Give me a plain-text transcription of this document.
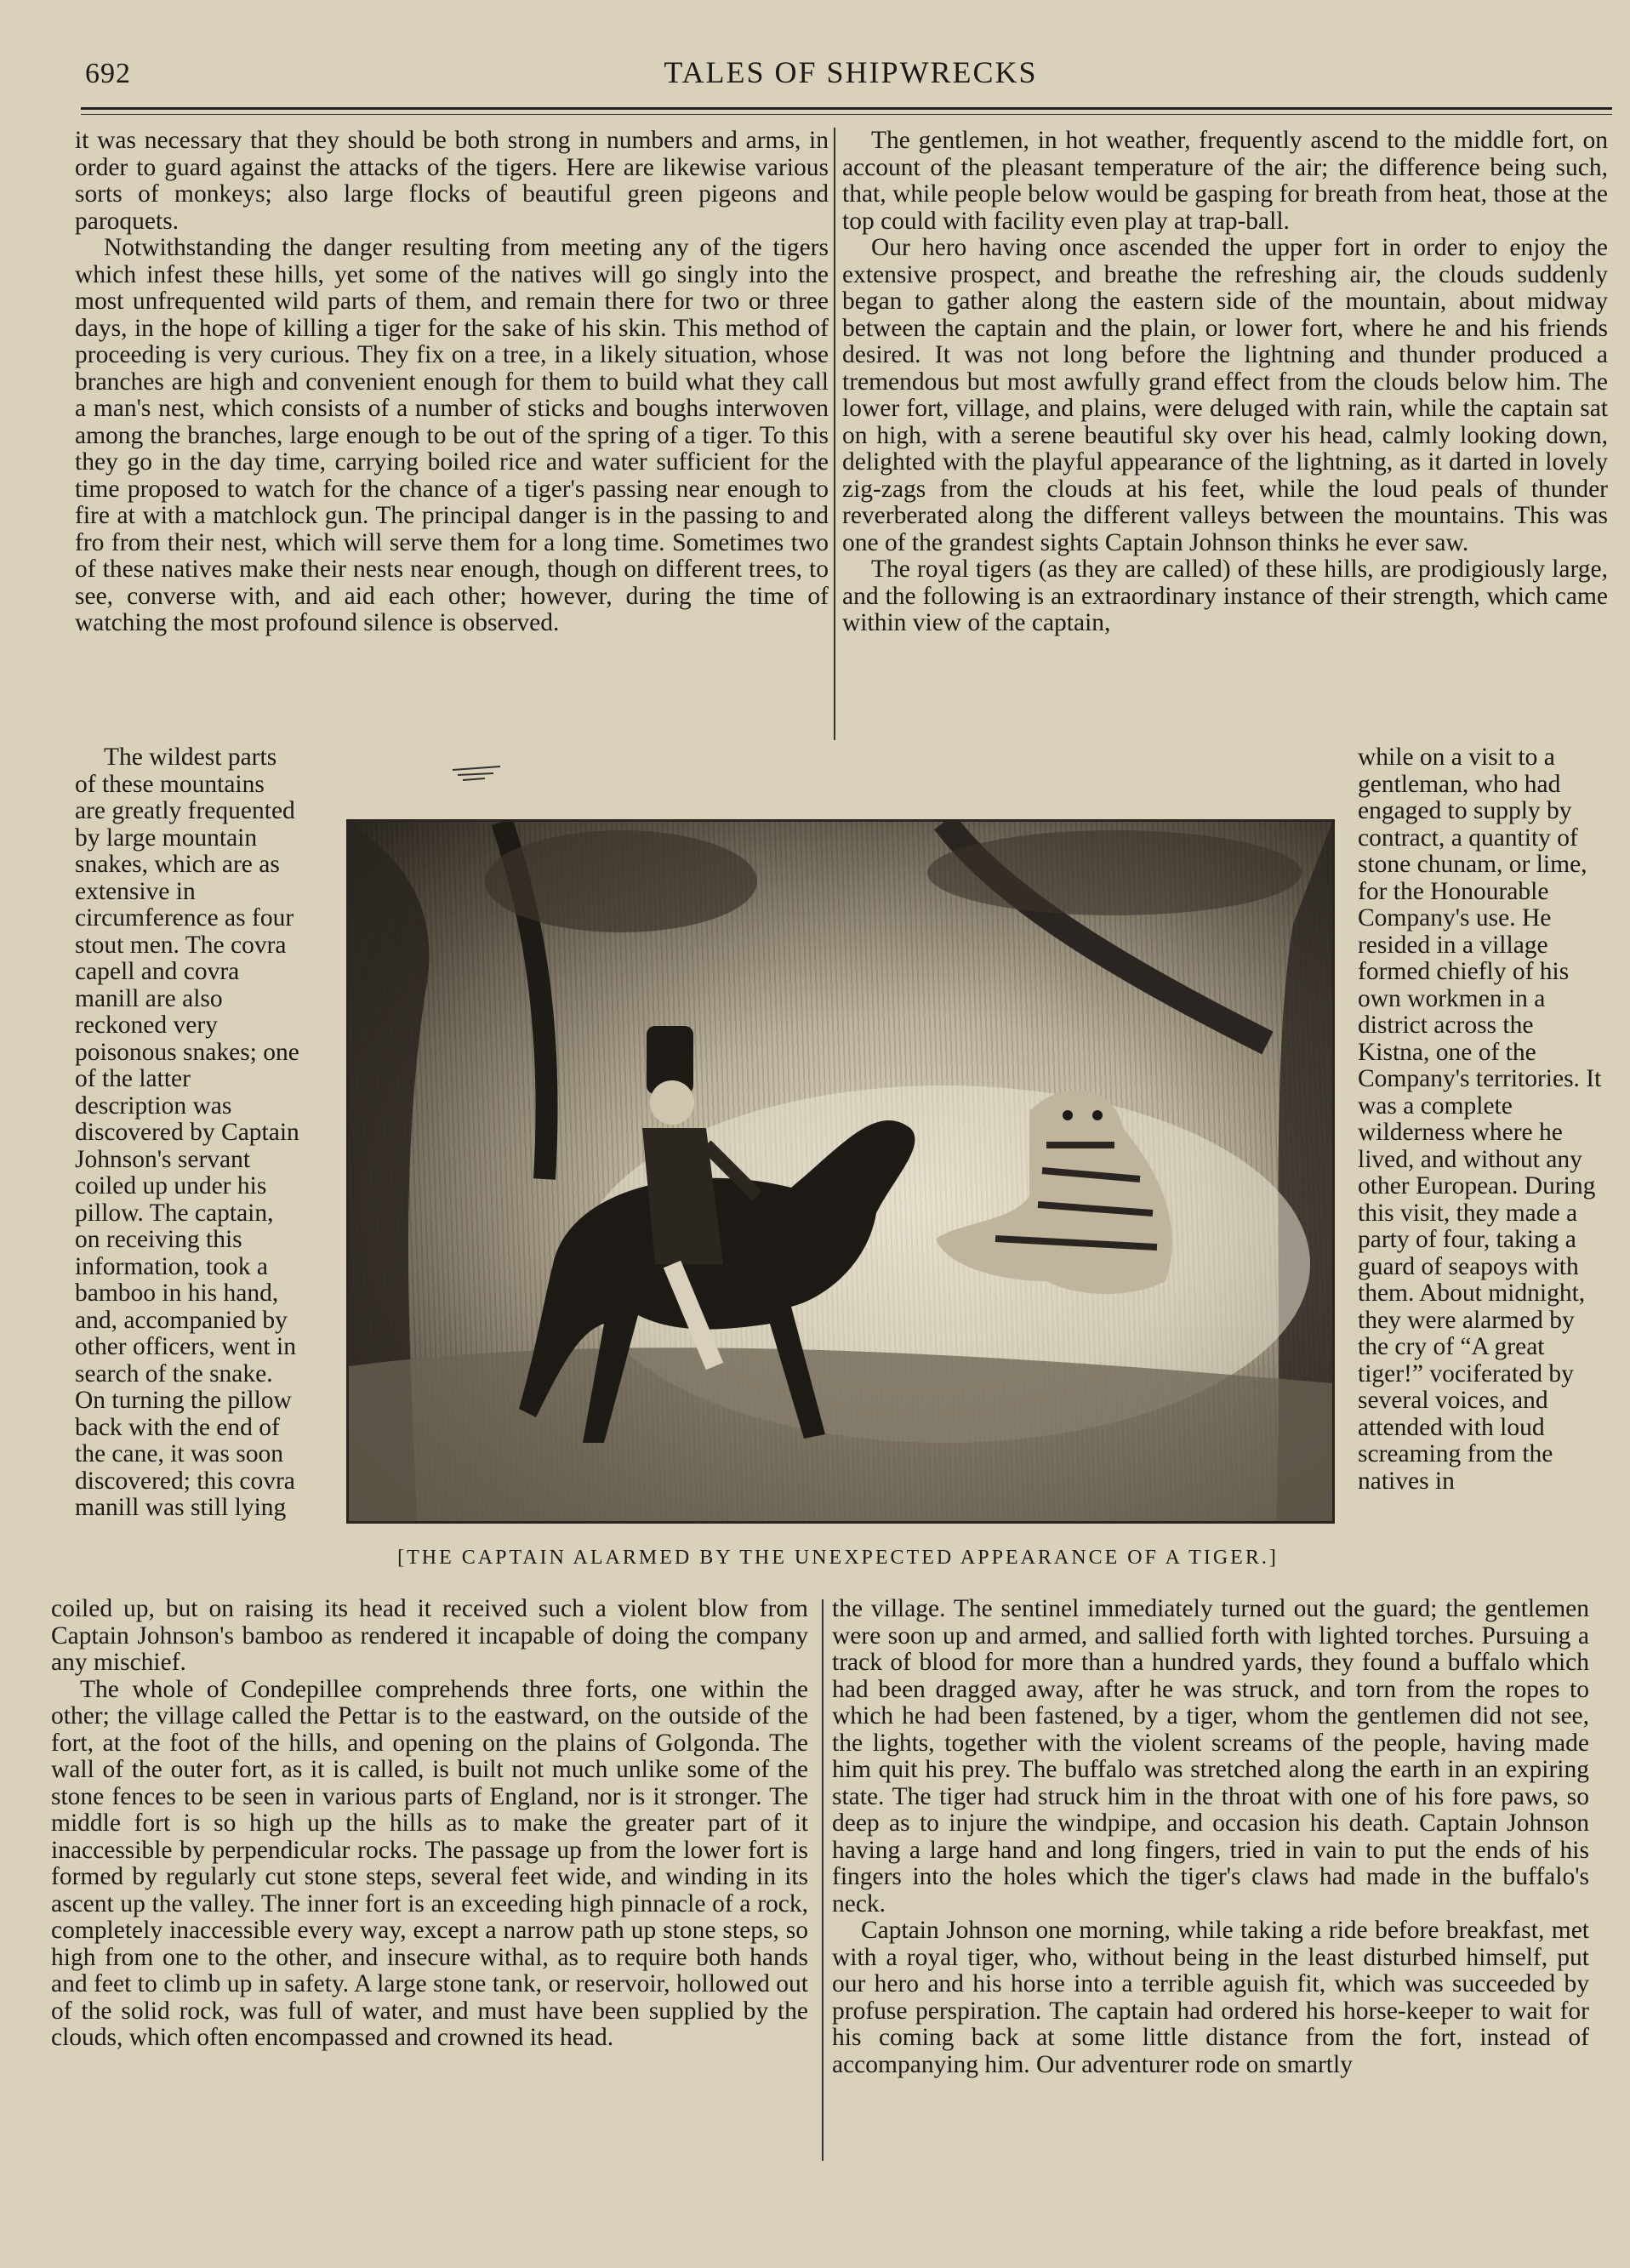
692	TALES OF SHIPWRECKS

it was necessary that they should be both strong in numbers and arms, in order to guard against the attacks of the tigers. Here are likewise various sorts of monkeys; also large flocks of beautiful green pigeons and paroquets.

Notwithstanding the danger resulting from meeting any of the tigers which infest these hills, yet some of the natives will go singly into the most unfrequented wild parts of them, and remain there for two or three days, in the hope of killing a tiger for the sake of his skin. This method of proceeding is very curious. They fix on a tree, in a likely situation, whose branches are high and convenient enough for them to build what they call a man's nest, which consists of a number of sticks and boughs interwoven among the branches, large enough to be out of the spring of a tiger. To this they go in the day time, carrying boiled rice and water sufficient for the time proposed to watch for the chance of a tiger's passing near enough to fire at with a matchlock gun. The principal danger is in the passing to and fro from their nest, which will serve them for a long time. Sometimes two of these natives make their nests near enough, though on different trees, to see, converse with, and aid each other; however, during the time of watching the most profound silence is observed.

The gentlemen, in hot weather, frequently ascend to the middle fort, on account of the pleasant temperature of the air; the difference being such, that, while people below would be gasping for breath from heat, those at the top could with facility even play at trap-ball.

Our hero having once ascended the upper fort in order to enjoy the extensive prospect, and breathe the refreshing air, the clouds suddenly began to gather along the eastern side of the mountain, about midway between the captain and the plain, or lower fort, where he and his friends desired. It was not long before the lightning and thunder produced a tremendous but most awfully grand effect from the clouds below him. The lower fort, village, and plains, were deluged with rain, while the captain sat on high, with a serene beautiful sky over his head, calmly looking down, delighted with the playful appearance of the lightning, as it darted in lovely zig-zags from the clouds at his feet, while the loud peals of thunder reverberated along the different valleys between the mountains. This was one of the grandest sights Captain Johnson thinks he ever saw.

The royal tigers (as they are called) of these hills, are prodigiously large, and the following is an extraordinary instance of their strength, which came within view of the captain,

The wildest parts of these mountains are greatly frequented by large mountain snakes, which are as extensive in circumference as four stout men. The covra capell and covra manill are also reckoned very poisonous snakes; one of the latter description was discovered by Captain Johnson's servant coiled up under his pillow. The captain, on receiving this information, took a bamboo in his hand, and, accompanied by other officers, went in search of the snake. On turning the pillow back with the end of the cane, it was soon discovered; this covra manill was still lying

[THE CAPTAIN ALARMED BY THE UNEXPECTED APPEARANCE OF A TIGER.]

while on a visit to a gentleman, who had engaged to supply by contract, a quantity of stone chunam, or lime, for the Honourable Company's use. He resided in a village formed chiefly of his own workmen in a district across the Kistna, one of the Company's territories. It was a complete wilderness where he lived, and without any other European. During this visit, they made a party of four, taking a guard of seapoys with them. About midnight, they were alarmed by the cry of “A great tiger!” vociferated by several voices, and attended with loud screaming from the natives in

coiled up, but on raising its head it received such a violent blow from Captain Johnson's bamboo as rendered it incapable of doing the company any mischief.

The whole of Condepillee comprehends three forts, one within the other; the village called the Pettar is to the eastward, on the outside of the fort, at the foot of the hills, and opening on the plains of Golgonda. The wall of the outer fort, as it is called, is built not much unlike some of the stone fences to be seen in various parts of England, nor is it stronger. The middle fort is so high up the hills as to make the greater part of it inaccessible by perpendicular rocks. The passage up from the lower fort is formed by regularly cut stone steps, several feet wide, and winding in its ascent up the valley. The inner fort is an exceeding high pinnacle of a rock, completely inaccessible every way, except a narrow path up stone steps, so high from one to the other, and insecure withal, as to require both hands and feet to climb up in safety. A large stone tank, or reservoir, hollowed out of the solid rock, was full of water, and must have been supplied by the clouds, which often encompassed and crowned its head.

the village. The sentinel immediately turned out the guard; the gentlemen were soon up and armed, and sallied forth with lighted torches. Pursuing a track of blood for more than a hundred yards, they found a buffalo which had been dragged away, after he was struck, and torn from the ropes to which he had been fastened, by a tiger, whom the gentlemen did not see, the lights, together with the violent screams of the people, having made him quit his prey. The buffalo was stretched along the earth in an expiring state. The tiger had struck him in the throat with one of his fore paws, so deep as to injure the windpipe, and occasion his death. Captain Johnson having a large hand and long fingers, tried in vain to put the ends of his fingers into the holes which the tiger's claws had made in the buffalo's neck.

Captain Johnson one morning, while taking a ride before breakfast, met with a royal tiger, who, without being in the least disturbed himself, put our hero and his horse into a terrible aguish fit, which was succeeded by profuse perspiration. The captain had ordered his horse-keeper to wait for his coming back at some little distance from the fort, instead of accompanying him. Our adventurer rode on smartly
